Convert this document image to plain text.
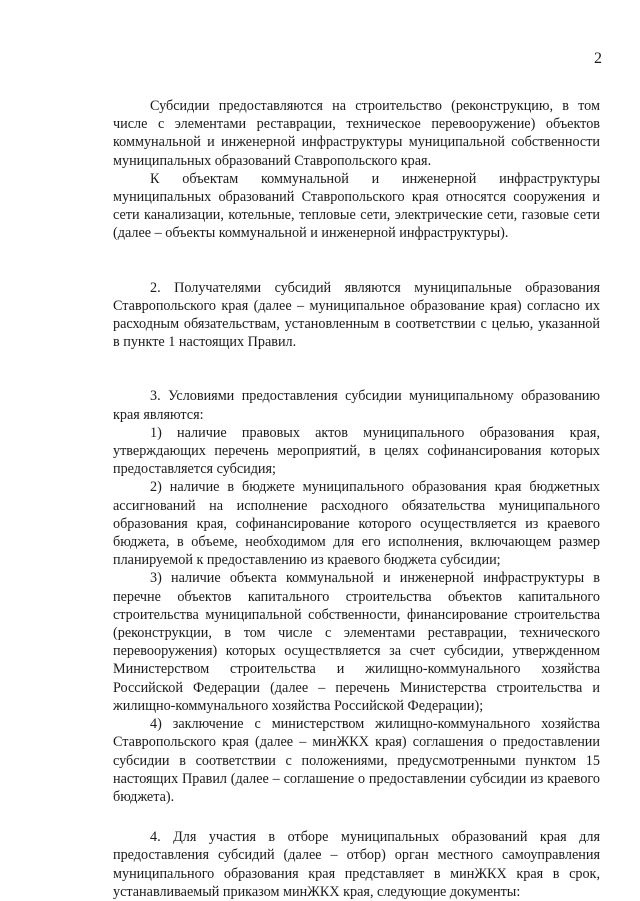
2

Субсидии предоставляются на строительство (реконструкцию, в том числе с элементами реставрации, техническое перевооружение) объектов коммунальной и инженерной инфраструктуры муниципальной собственности муниципальных образований Ставропольского края.

К объектам коммунальной и инженерной инфраструктуры муниципальных образований Ставропольского края относятся сооружения и сети канализации, котельные, тепловые сети, электрические сети, газовые сети (далее – объекты коммунальной и инженерной инфраструктуры).

2. Получателями субсидий являются муниципальные образования Ставропольского края (далее – муниципальное образование края) согласно их расходным обязательствам, установленным в соответствии с целью, указанной в пункте 1 настоящих Правил.

3. Условиями предоставления субсидии муниципальному образованию края являются:

1) наличие правовых актов муниципального образования края, утверждающих перечень мероприятий, в целях софинансирования которых предоставляется субсидия;

2) наличие в бюджете муниципального образования края бюджетных ассигнований на исполнение расходного обязательства муниципального образования края, софинансирование которого осуществляется из краевого бюджета, в объеме, необходимом для его исполнения, включающем размер планируемой к предоставлению из краевого бюджета субсидии;

3) наличие объекта коммунальной и инженерной инфраструктуры в перечне объектов капитального строительства объектов капитального строительства муниципальной собственности, финансирование строительства (реконструкции, в том числе с элементами реставрации, технического перевооружения) которых осуществляется за счет субсидии, утвержденном Министерством строительства и жилищно-коммунального хозяйства Российской Федерации (далее – перечень Министерства строительства и жилищно-коммунального хозяйства Российской Федерации);

4) заключение с министерством жилищно-коммунального хозяйства Ставропольского края (далее – минЖКХ края) соглашения о предоставлении субсидии в соответствии с положениями, предусмотренными пунктом 15 настоящих Правил (далее – соглашение о предоставлении субсидии из краевого бюджета).

4. Для участия в отборе муниципальных образований края для предоставления субсидий (далее – отбор) орган местного самоуправления муниципального образования края представляет в минЖКХ края в срок, устанавливаемый приказом минЖКХ края, следующие документы:
